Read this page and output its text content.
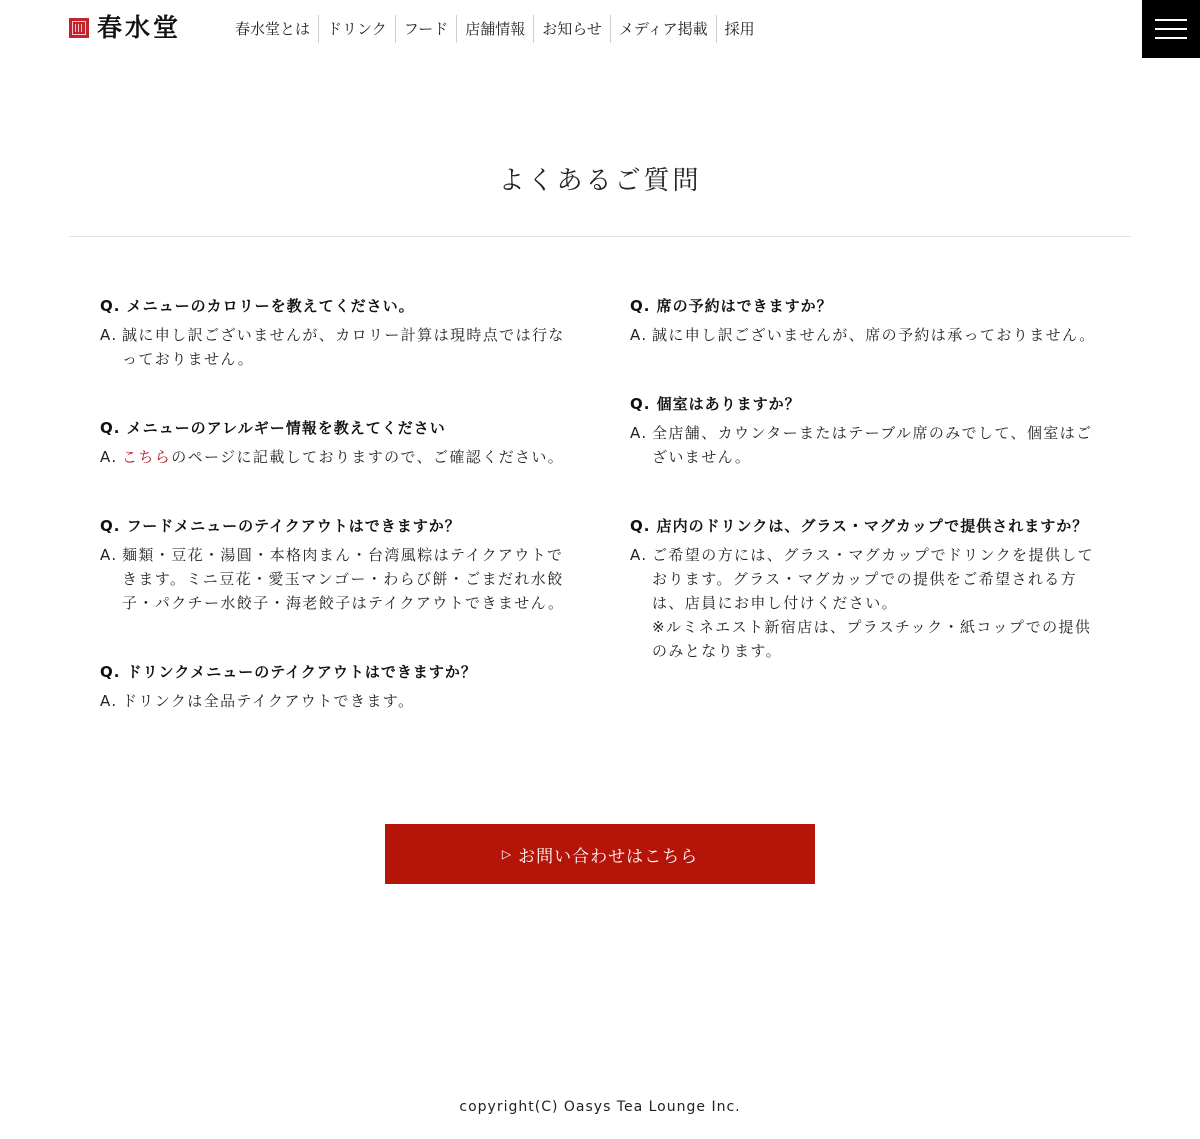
春水堂	春水堂とは	ドリンク	フード	店舗情報	お知らせ	メディア掲載	採用
よくあるご質問

Q. メニューのカロリーを教えてください。

A. 誠に申し訳ございませんが、カロリー計算は現時点では行なっておりません。

Q. メニューのアレルギー情報を教えてください

A. こちらのページに記載しておりますので、ご確認ください。

Q. フードメニューのテイクアウトはできますか？

A. 麺類・豆花・湯圓・本格肉まん・台湾風粽はテイクアウトできます。ミニ豆花・愛玉マンゴー・わらび餅・ごまだれ水餃子・パクチー水餃子・海老餃子はテイクアウトできません。

Q. ドリンクメニューのテイクアウトはできますか？

A. ドリンクは全品テイクアウトできます。

Q. 席の予約はできますか？

A. 誠に申し訳ございませんが、席の予約は承っておりません。

Q. 個室はありますか？

A. 全店舗、カウンターまたはテーブル席のみでして、個室はございません。

Q. 店内のドリンクは、グラス・マグカップで提供されますか？

A. ご希望の方には、グラス・マグカップでドリンクを提供しております。グラス・マグカップでの提供をご希望される方は、店員にお申し付けください。
※ルミネエスト新宿店は、プラスチック・紙コップでの提供のみとなります。
▷ お問い合わせはこちら
copyright(C) Oasys Tea Lounge Inc.
